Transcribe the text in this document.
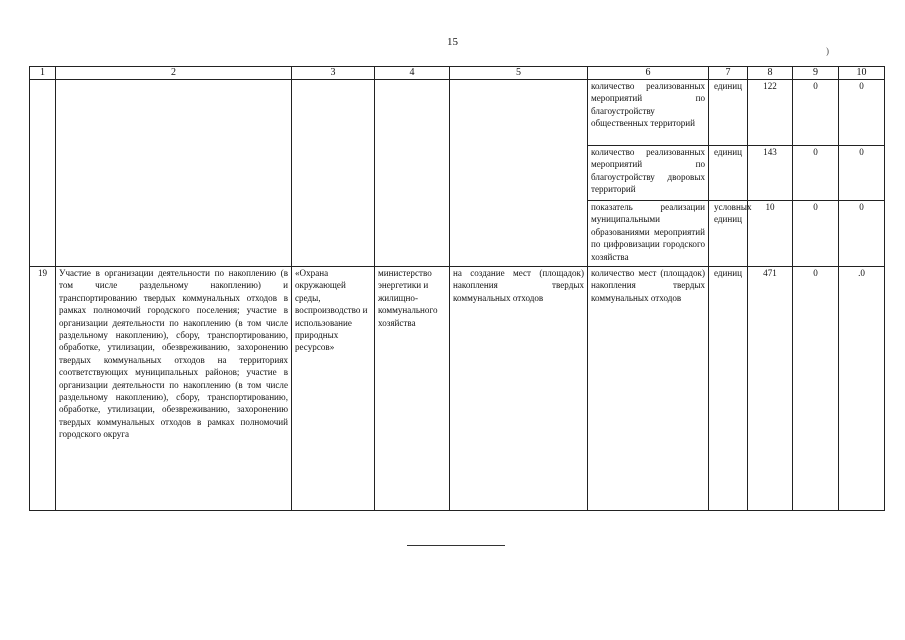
15
)
1	2	3	4	5	6	7	8	9	10
					количество реализованных мероприятий по благоустройству общественных территорий	единиц	122	0	0
					количество реализованных мероприятий по благоустройству дворовых территорий	единиц	143	0	0
					показатель реализации муниципальными образованиями мероприятий по цифровизации городского хозяйства	условных единиц	10	0	0
19	Участие в организации деятельности по накоплению (в том числе раздельному накоплению) и транспортированию твердых коммунальных отходов в рамках полномочий городского поселения; участие в организации деятельности по накоплению (в том числе раздельному накоплению), сбору, транспортированию, обработке, утилизации, обезвреживанию, захоронению твердых коммунальных отходов на территориях соответствующих муниципальных районов; участие в организации деятельности по накоплению (в том числе раздельному накоплению), сбору, транспортированию, обработке, утилизации, обезвреживанию, захоронению твердых коммунальных отходов в рамках полномочий городского округа	«Охрана окружающей среды, воспроизводство и использование природных ресурсов»	министерство энергетики и жилищно-коммунального хозяйства	на создание мест (площадок) накопления твердых коммунальных отходов	количество мест (площадок) накопления твердых коммунальных отходов	единиц	471	0	.0
